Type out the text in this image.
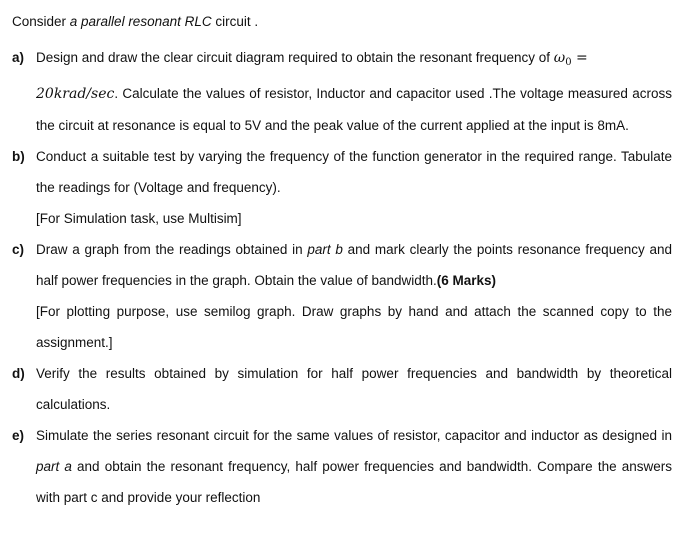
Consider a parallel resonant RLC circuit .

a) Design and draw the clear circuit diagram required to obtain the resonant frequency of $\omega_0$ =
20krad/sec. Calculate the values of resistor, Inductor and capacitor used .The voltage measured across the circuit at resonance is equal to 5V and the peak value of the current applied at the input is 8mA.
b) Conduct a suitable test by varying the frequency of the function generator in the required range. Tabulate the readings for (Voltage and frequency).
[For Simulation task, use Multisim]
c) Draw a graph from the readings obtained in part b and mark clearly the points resonance frequency and half power frequencies in the graph. Obtain the value of bandwidth.(6 Marks)
[For plotting purpose, use semilog graph. Draw graphs by hand and attach the scanned copy to the assignment.]
d) Verify the results obtained by simulation for half power frequencies and bandwidth by theoretical calculations.
e) Simulate the series resonant circuit for the same values of resistor, capacitor and inductor as designed in part a and obtain the resonant frequency, half power frequencies and bandwidth. Compare the answers with part c and provide your reflection
